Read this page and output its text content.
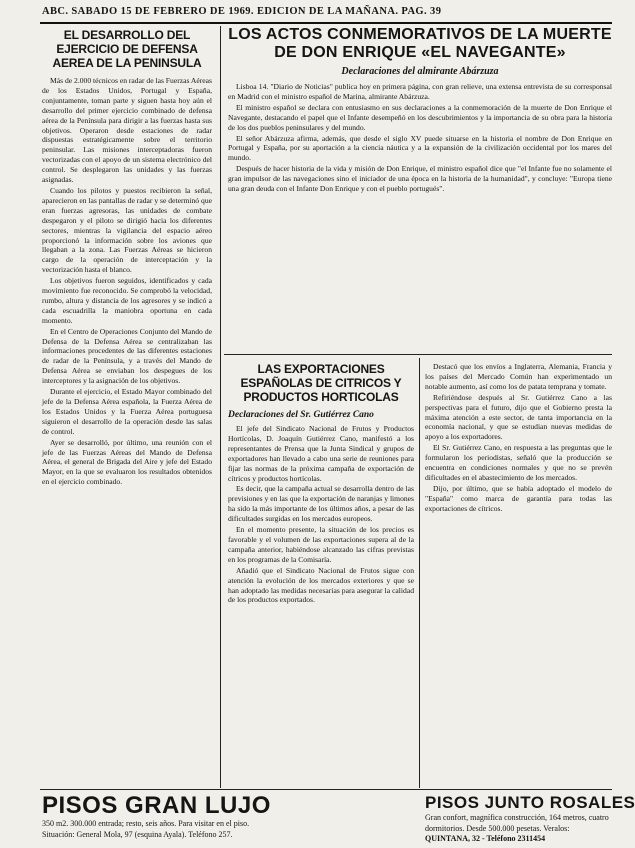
ABC. SABADO 15 DE FEBRERO DE 1969. EDICION DE LA MAÑANA. PAG. 39
EL DESARROLLO DEL EJERCICIO DE DEFENSA AEREA DE LA PENINSULA

Más de 2.000 técnicos en radar de las Fuerzas Aéreas de los Estados Unidos, Portugal y España, conjuntamente, toman parte y siguen hasta hoy aún el desarrollo del primer ejercicio combinado de defensa aérea de la Península para dirigir a las fuerzas hasta sus objetivos. Operaron desde estaciones de radar dispuestas estratégicamente sobre el territorio peninsular. Las misiones interceptadoras fueron vectorizadas con el apoyo de un sistema electrónico del control. Se desplegaron las unidades y las fuerzas asignadas.

Cuando los pilotos y puestos recibieron la señal, aparecieron en las pantallas de radar y se determinó que eran fuerzas agresoras, las unidades de combate despegaron y el piloto se dirigió hacia los diferentes sectores, mientras la vigilancia del espacio aéreo proporcionó la información sobre los aviones que llegaban a la zona. Las Fuerzas Aéreas se hicieron cargo de la operación de interceptación y la vectorización hasta el blanco.

Los objetivos fueron seguidos, identificados y cada movimiento fue reconocido. Se comprobó la velocidad, rumbo, altura y distancia de los agresores y se indicó a cada escuadrilla la maniobra oportuna en cada momento.

En el Centro de Operaciones Conjunto del Mando de Defensa de la Defensa Aérea se centralizaban las informaciones procedentes de las diferentes estaciones de radar de la Península, y a través del Mando de Defensa Aérea se enviaban los despegues de los interceptores y la asignación de los objetivos.

Durante el ejercicio, el Estado Mayor combinado del jefe de la Defensa Aérea española, la Fuerza Aérea de los Estados Unidos y la Fuerza Aérea portuguesa siguieron el desarrollo de la operación desde las salas de control.

Ayer se desarrolló, por último, una reunión con el jefe de las Fuerzas Aéreas del Mando de Defensa Aérea, el general de Brigada del Aire y jefe del Estado Mayor, en la que se evaluaron los resultados obtenidos en el ejercicio combinado.

LOS ACTOS CONMEMORATIVOS DE LA MUERTE DE DON ENRIQUE «EL NAVEGANTE»
Declaraciones del almirante Abárzuza

Lisboa 14. "Diario de Noticias" publica hoy en primera página, con gran relieve, una extensa entrevista de su corresponsal en Madrid con el ministro español de Marina, almirante Abárzuza.

El ministro español se declara con entusiasmo en sus declaraciones a la conmemoración de la muerte de Don Enrique el Navegante, destacando el papel que el Infante desempeñó en los descubrimientos y la importancia de su obra para la historia de los dos pueblos peninsulares y del mundo.

El señor Abárzuza afirma, además, que desde el siglo XV puede situarse en la historia el nombre de Don Enrique en Portugal y España, por su aportación a la ciencia náutica y a la expansión de la civilización occidental por los mares del mundo.

Después de hacer historia de la vida y misión de Don Enrique, el ministro español dice que "el Infante fue no solamente el gran impulsor de las navegaciones sino el iniciador de una época en la historia de la humanidad", y concluye: "Europa tiene una gran deuda con el Infante Don Enrique y con el pueblo portugués".

LAS EXPORTACIONES ESPAÑOLAS DE CITRICOS Y PRODUCTOS HORTICOLAS
Declaraciones del Sr. Gutiérrez Cano

El jefe del Sindicato Nacional de Frutos y Productos Hortícolas, D. Joaquín Gutiérrez Cano, manifestó a los representantes de Prensa que la Junta Sindical y grupos de exportadores han llevado a cabo una serie de reuniones para fijar las normas de la próxima campaña de exportación de cítricos y productos hortícolas.

Es decir, que la campaña actual se desarrolla dentro de las previsiones y en las que la exportación de naranjas y limones ha sido la más importante de los últimos años, a pesar de las dificultades surgidas en los mercados europeos.

En el momento presente, la situación de los precios es favorable y el volumen de las exportaciones supera al de la campaña anterior, habiéndose alcanzado las cifras previstas en los programas de la Comisaría.

Añadió que el Sindicato Nacional de Frutos sigue con atención la evolución de los mercados exteriores y que se han adoptado las medidas necesarias para asegurar la calidad de los productos exportados.

Destacó que los envíos a Inglaterra, Alemania, Francia y los países del Mercado Común han experimentado un notable aumento, así como los de patata temprana y tomate.

Refiriéndose después al Sr. Gutiérrez Cano a las perspectivas para el futuro, dijo que el Gobierno presta la máxima atención a este sector, de tanta importancia en la economía nacional, y que se estudian nuevas medidas de apoyo a los exportadores.

El Sr. Gutiérrez Cano, en respuesta a las preguntas que le formularon los periodistas, señaló que la producción se encuentra en condiciones normales y que no se prevén dificultades en el abastecimiento de los mercados.

Dijo, por último, que se había adoptado el modelo de "España" como marca de garantía para todas las exportaciones de cítricos.

PISOS GRAN LUJO

350 m2. 300.000 entrada; resto, seis años. Para visitar en el piso.

Situación: General Mola, 97 (esquina Ayala). Teléfono 257.

PISOS JUNTO ROSALES

Gran confort, magnífica construcción, 164 metros, cuatro dormitorios. Desde 500.000 pesetas. Veralos:

QUINTANA, 32 - Teléfono 2311454
